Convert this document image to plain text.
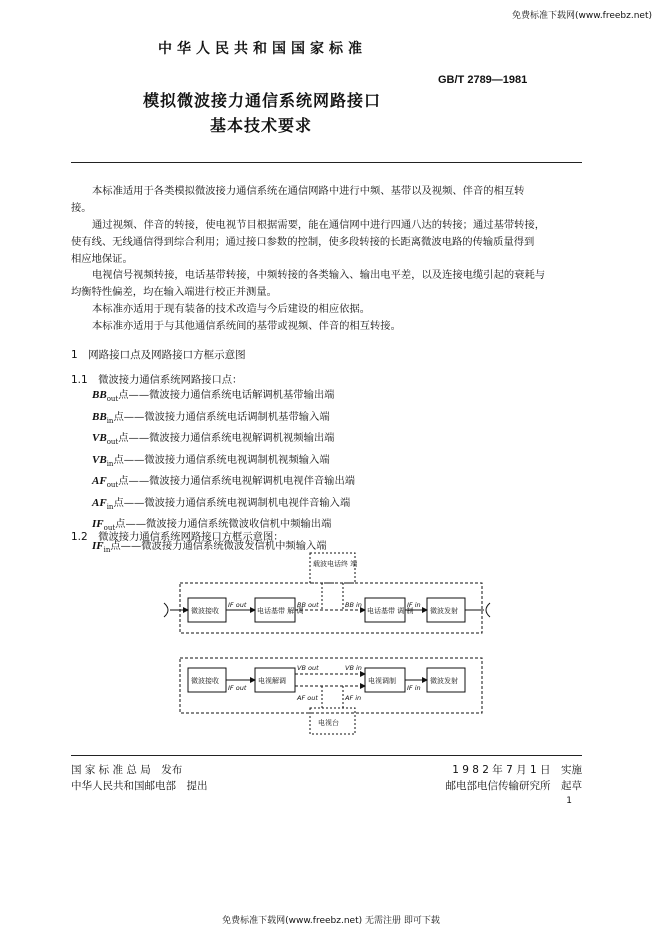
免费标准下载网(www.freebz.net)
中华人民共和国国家标准
GB/T 2789—1981
模拟微波接力通信系统网路接口
基本技术要求
本标准适用于各类模拟微波接力通信系统在通信网路中进行中频、基带以及视频、伴音的相互转
接。
通过视频、伴音的转接，使电视节目根据需要，能在通信网中进行四通八达的转接；通过基带转接，
使有线、无线通信得到综合利用；通过接口参数的控制，使多段转接的长距离微波电路的传输质量得到
相应地保证。
电视信号视频转接，电话基带转接，中频转接的各类输入、输出电平差，以及连接电缆引起的衰耗与
均衡特性偏差，均在输入端进行校正并测量。
本标准亦适用于现有装备的技术改造与今后建设的相应依据。
本标准亦适用于与其他通信系统间的基带或视频、伴音的相互转接。
1　网路接口点及网路接口方框示意图
1.1　 微波接力通信系统网路接口点：
$BB_{out}$点——微波接力通信系统电话解调机基带输出端
$BB_{in}$点——微波接力通信系统电话调制机基带输入端
$VB_{out}$点——微波接力通信系统电视解调机视频输出端
$VB_{in}$点——微波接力通信系统电视调制机视频输入端
$AF_{out}$点——微波接力通信系统电视解调机电视伴音输出端
$AF_{in}$点——微波接力通信系统电视调制机电视伴音输入端
$IF_{out}$点——微波接力通信系统微波收信机中频输出端
$IF_{in}$点——微波接力通信系统微波发信机中频输入端
1.2　 微波接力通信系统网路接口方框示意图：
载波电话终 端
微波接收	电话基带 解 调	电话基带 调 制 微波发射
微波接收	电视解调	电视调制	微波发射
电视台
IF out	BB out	BB in	IF in
IF out
VB out	VB in
AF out	AF in
IF in
国 家 标 准 总 局　发布	1 9 8 2 年 7 月 1 日　实施
中华人民共和国邮电部　提出	邮电部电信传输研究所　起草
1
免费标准下载网(www.freebz.net) 无需注册 即可下载
